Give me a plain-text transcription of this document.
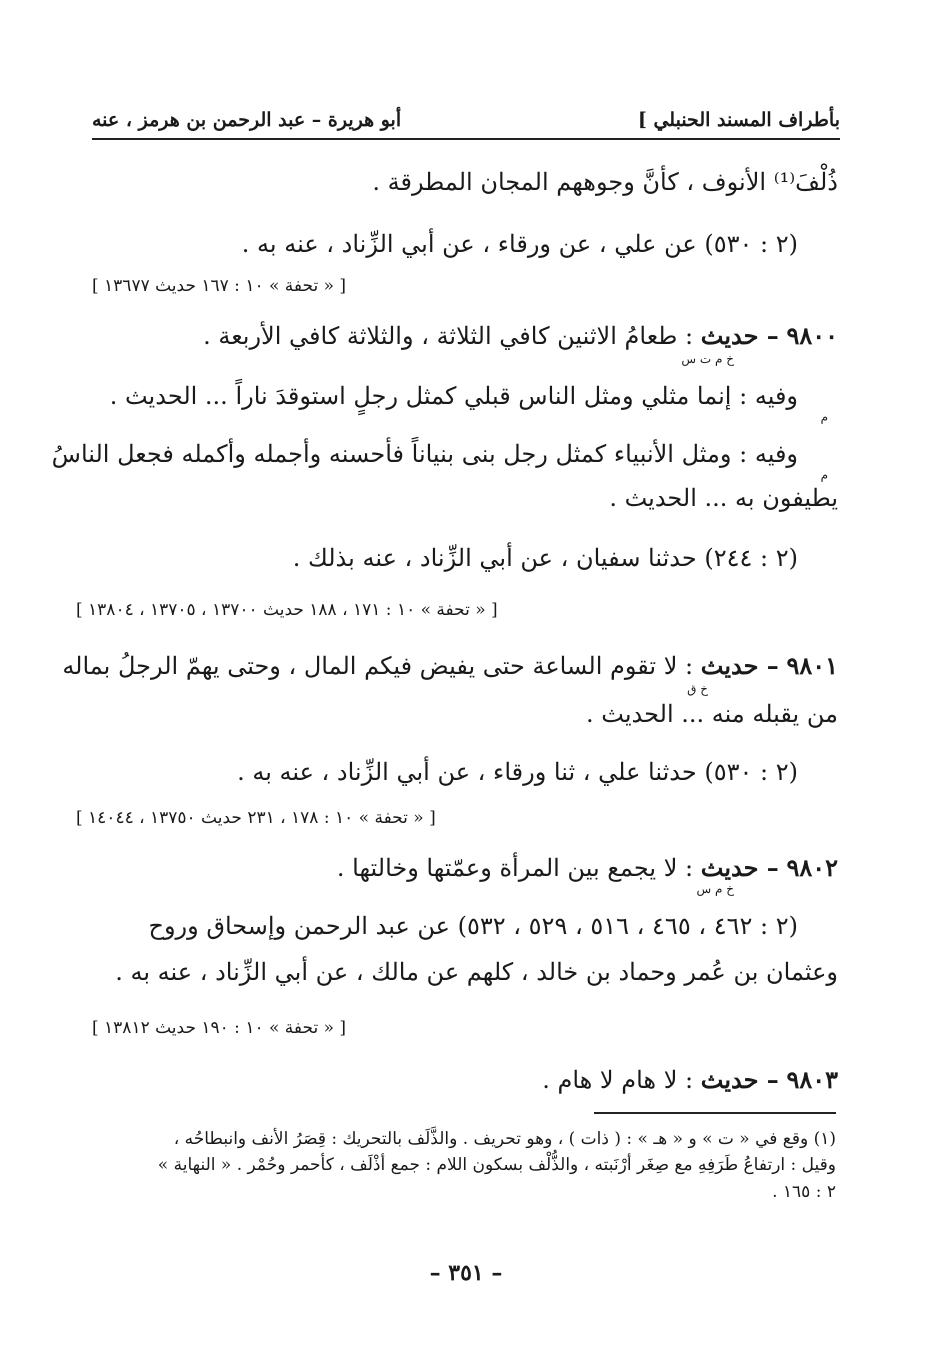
بأطراف المسند الحنبلي ]
أبو هريرة – عبد الرحمن بن هرمز ، عنه
ذُلْفَ⁽¹⁾ الأنوف ، كأنَّ وجوههم المجان المطرقة .
(٢ : ٥٣٠) عن علي ، عن ورقاء ، عن أبي الزِّناد ، عنه به .
[ « تحفة » ١٠ : ١٦٧ حديث ١٣٦٧٧ ]
٩٨٠٠ – حديث : طعامُ الاثنين كافي الثلاثة ، والثلاثة كافي الأربعة .
خ م ت س
وفيه : إنما مثلي ومثل الناس قبلي كمثل رجلٍ استوقدَ ناراً ... الحديث .
م
وفيه : ومثل الأنبياء كمثل رجل بنى بنياناً فأحسنه وأجمله وأكمله فجعل الناسُ
م
يطيفون به ... الحديث .
(٢ : ٢٤٤) حدثنا سفيان ، عن أبي الزِّناد ، عنه بذلك .
[ « تحفة » ١٠ : ١٧١ ، ١٨٨ حديث ١٣٧٠٠ ، ١٣٧٠٥ ، ١٣٨٠٤ ]
٩٨٠١ – حديث : لا تقوم الساعة حتى يفيض فيكم المال ، وحتى يهمّ الرجلُ بماله
خ ق
من يقبله منه ... الحديث .
(٢ : ٥٣٠) حدثنا علي ، ثنا ورقاء ، عن أبي الزِّناد ، عنه به .
[ « تحفة » ١٠ : ١٧٨ ، ٢٣١ حديث ١٣٧٥٠ ، ١٤٠٤٤ ]
٩٨٠٢ – حديث : لا يجمع بين المرأة وعمّتها وخالتها .
خ م س
(٢ : ٤٦٢ ، ٤٦٥ ، ٥١٦ ، ٥٢٩ ، ٥٣٢) عن عبد الرحمن وإسحاق وروح
وعثمان بن عُمر وحماد بن خالد ، كلهم عن مالك ، عن أبي الزِّناد ، عنه به .
[ « تحفة » ١٠ : ١٩٠ حديث ١٣٨١٢ ]
٩٨٠٣ – حديث : لا هام لا هام .
(١) وقع في « ت » و « هـ » : ( ذات ) ، وهو تحريف . والذَّلَف بالتحريك : قِصَرُ الأنف وانبطاحُه ،
وقيل : ارتفاعُ طَرَفِهِ مع صِغَر أرْنَبته ، والذُّلْف بسكون اللام : جمع أذْلَف ، كأحمر وحُمْر . « النهاية »
٢ : ١٦٥ .
– ٣٥١ –
